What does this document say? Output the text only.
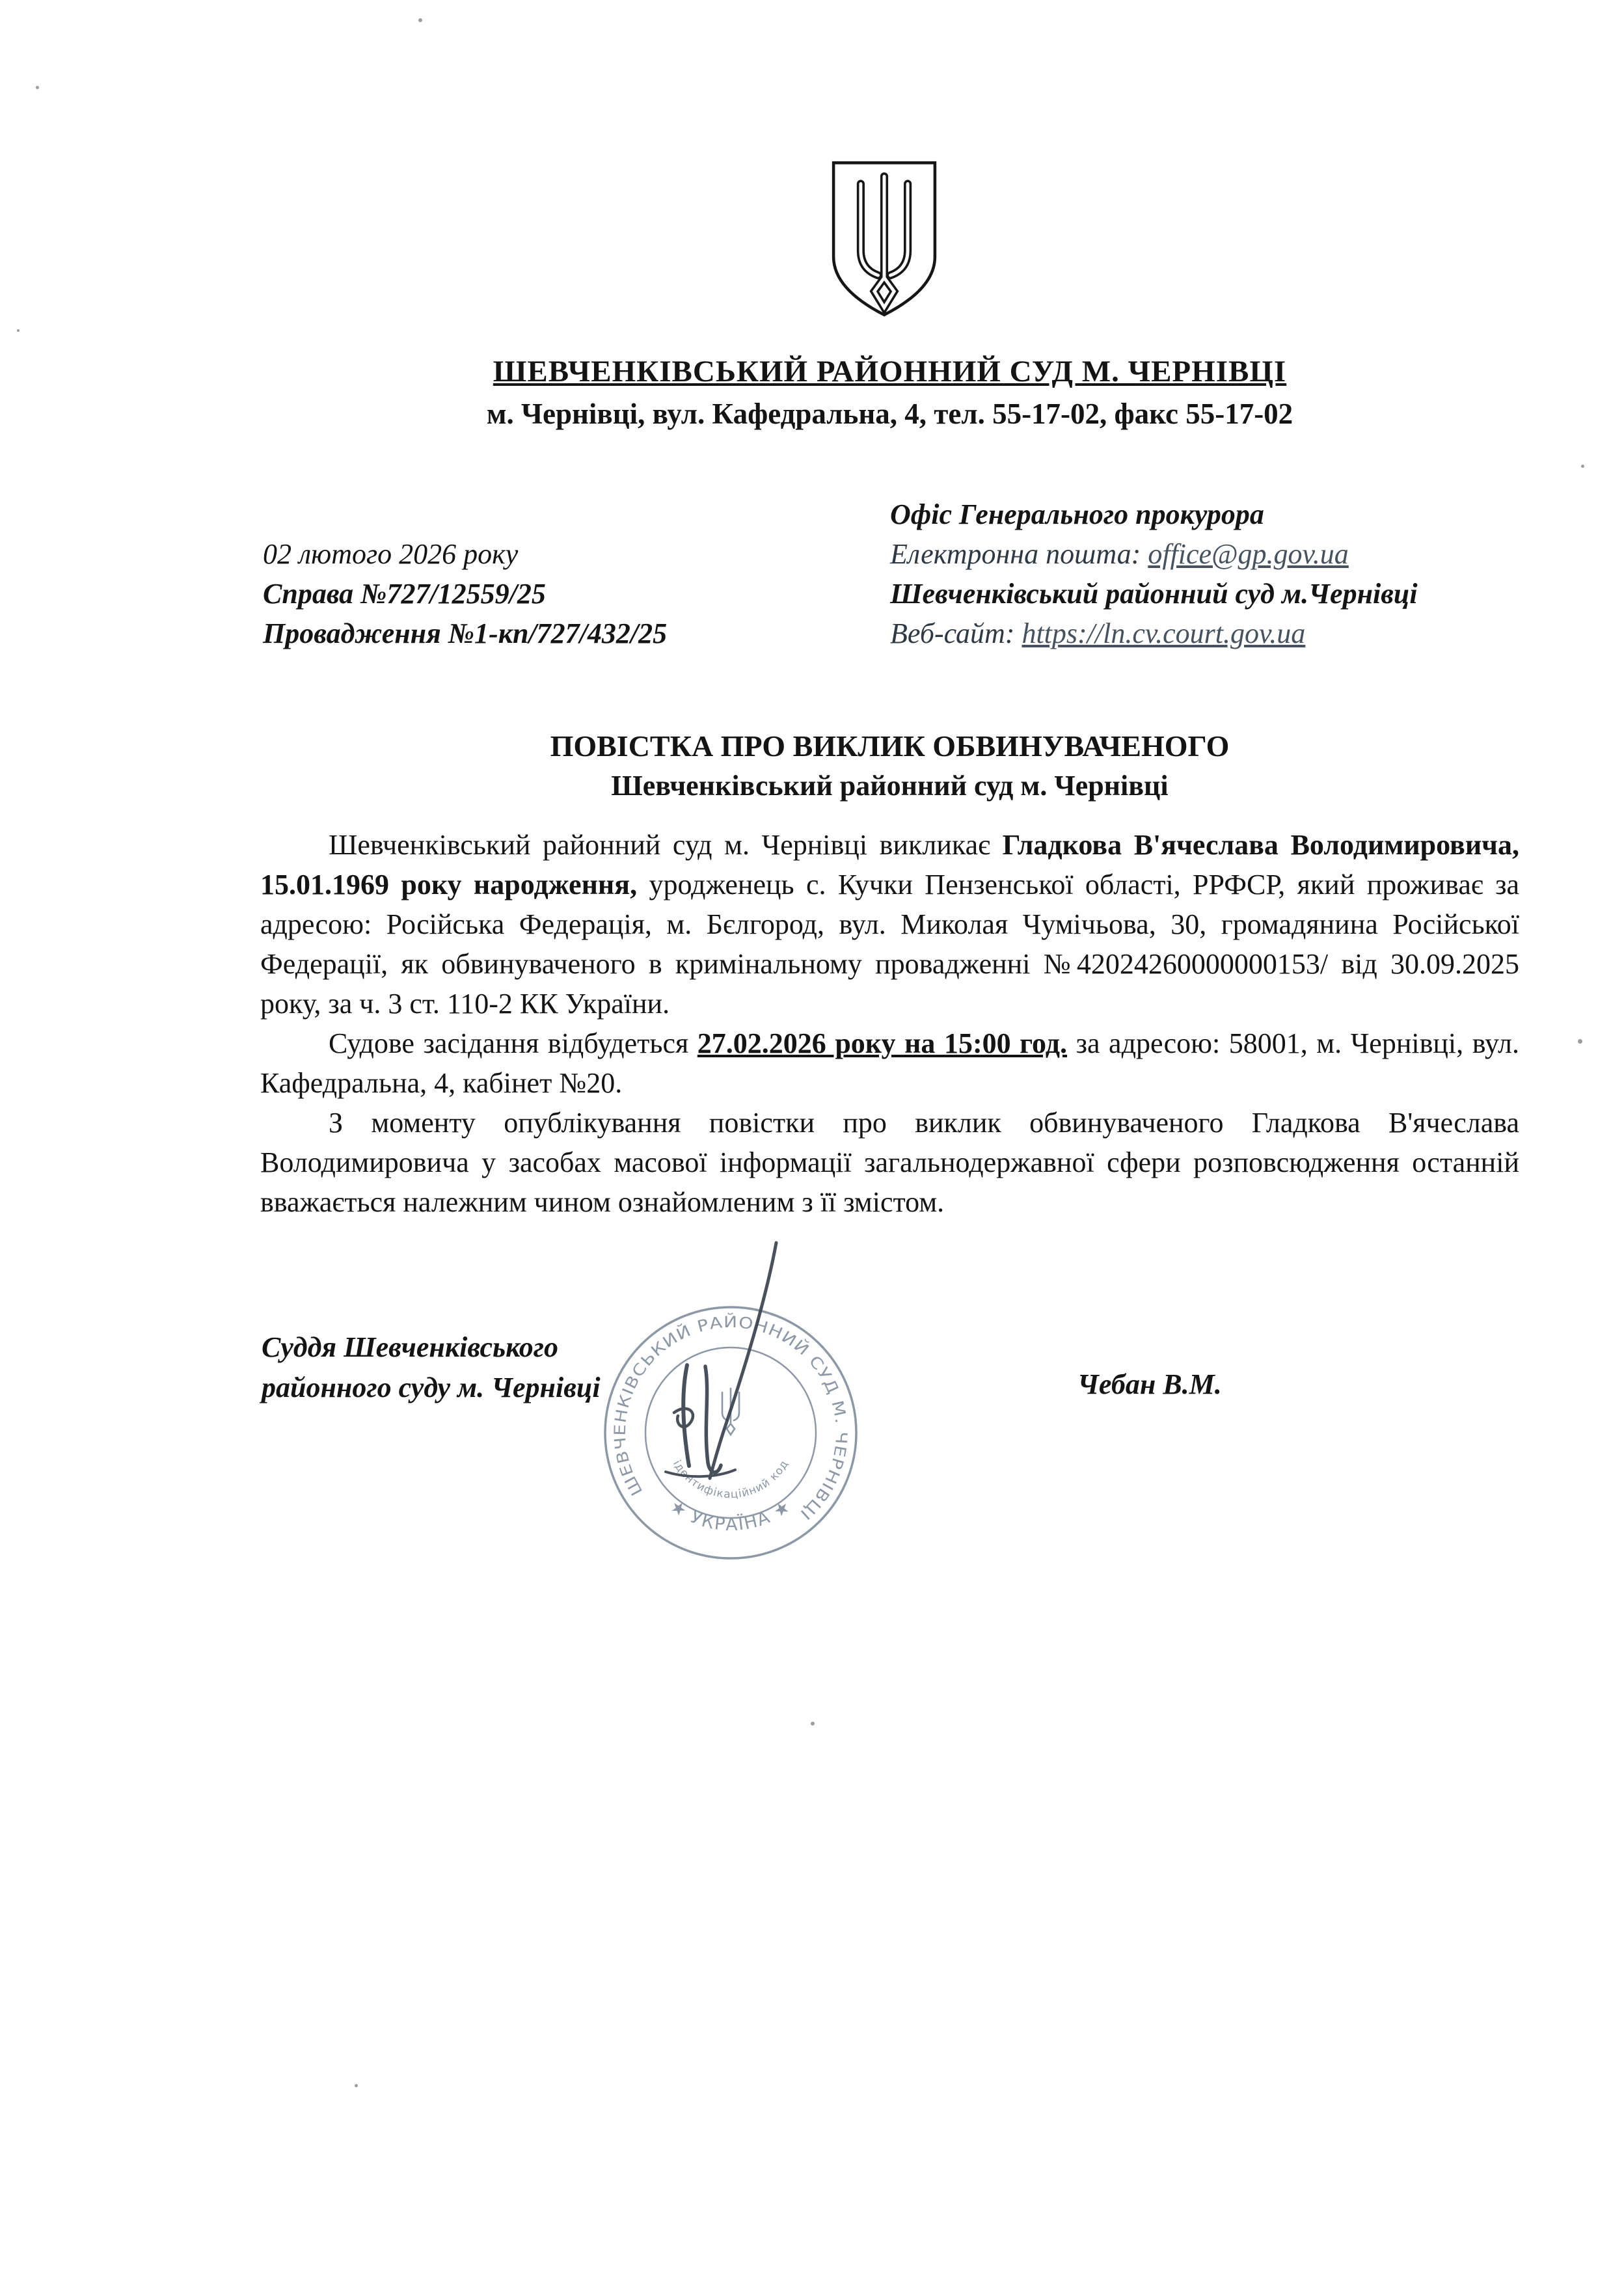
ШЕВЧЕНКІВСЬКИЙ РАЙОННИЙ СУД М. ЧЕРНІВЦІ
м. Чернівці, вул. Кафедральна, 4, тел. 55-17-02, факс 55-17-02
02 лютого 2026 року
Справа №727/12559/25
Провадження №1-кп/727/432/25
Офіс Генерального прокурора
Електронна пошта: office@gp.gov.ua
Шевченківський районний суд м.Чернівці
Веб-сайт: https://ln.cv.court.gov.ua
ПОВІСТКА ПРО ВИКЛИК ОБВИНУВАЧЕНОГО
Шевченківський районний суд м. Чернівці

Шевченківський районний суд м. Чернівці викликає Гладкова В'ячеслава Володимировича, 15.01.1969 року народження, уродженець с. Кучки Пензенської області, РРФСР, який проживає за адресою: Російська Федерація, м. Бєлгород, вул. Миколая Чумічьова, 30, громадянина Російської Федерації, як обвинуваченого в кримінальному провадженні №42024260000000153/ від 30.09.2025 року, за ч. 3 ст. 110-2 КК України.

Судове засідання відбудеться 27.02.2026 року на 15:00 год. за адресою: 58001, м. Чернівці, вул. Кафедральна, 4, кабінет №20.

З моменту опублікування повістки про виклик обвинуваченого Гладкова В'ячеслава Володимировича у засобах масової інформації загальнодержавної сфери розповсюдження останній вважається належним чином ознайомленим з її змістом.

Суддя Шевченківського
районного суду м. Чернівці	Чебан В.М.
ШЕВЧЕНКІВСЬКИЙ РАЙОННИЙ СУД М. ЧЕРНІВЦІ
★ УКРАЇНА ★
ідентифікаційний код
